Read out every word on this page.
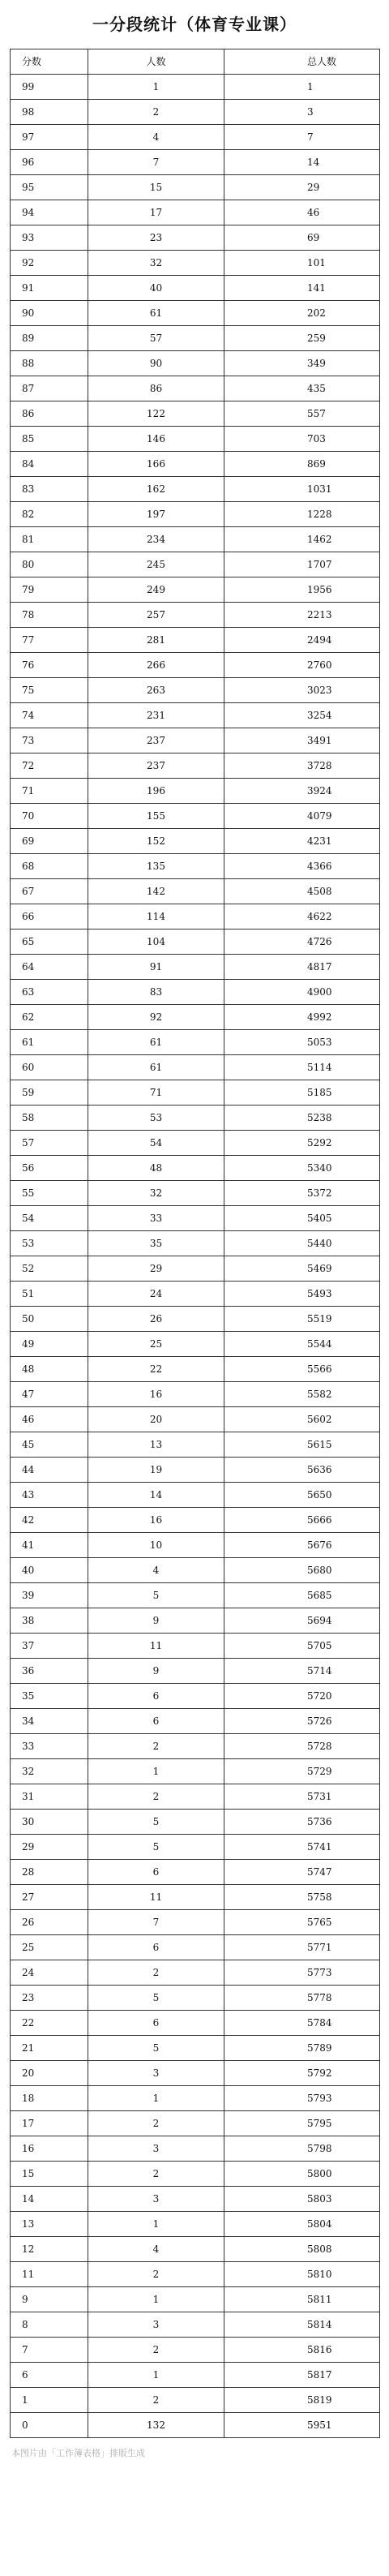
一分段统计（体育专业课）
分数	人数	总人数
99	1	1
98	2	3
97	4	7
96	7	14
95	15	29
94	17	46
93	23	69
92	32	101
91	40	141
90	61	202
89	57	259
88	90	349
87	86	435
86	122	557
85	146	703
84	166	869
83	162	1031
82	197	1228
81	234	1462
80	245	1707
79	249	1956
78	257	2213
77	281	2494
76	266	2760
75	263	3023
74	231	3254
73	237	3491
72	237	3728
71	196	3924
70	155	4079
69	152	4231
68	135	4366
67	142	4508
66	114	4622
65	104	4726
64	91	4817
63	83	4900
62	92	4992
61	61	5053
60	61	5114
59	71	5185
58	53	5238
57	54	5292
56	48	5340
55	32	5372
54	33	5405
53	35	5440
52	29	5469
51	24	5493
50	26	5519
49	25	5544
48	22	5566
47	16	5582
46	20	5602
45	13	5615
44	19	5636
43	14	5650
42	16	5666
41	10	5676
40	4	5680
39	5	5685
38	9	5694
37	11	5705
36	9	5714
35	6	5720
34	6	5726
33	2	5728
32	1	5729
31	2	5731
30	5	5736
29	5	5741
28	6	5747
27	11	5758
26	7	5765
25	6	5771
24	2	5773
23	5	5778
22	6	5784
21	5	5789
20	3	5792
18	1	5793
17	2	5795
16	3	5798
15	2	5800
14	3	5803
13	1	5804
12	4	5808
11	2	5810
9	1	5811
8	3	5814
7	2	5816
6	1	5817
1	2	5819
0	132	5951
本图片由「工作簿表格」排版生成
